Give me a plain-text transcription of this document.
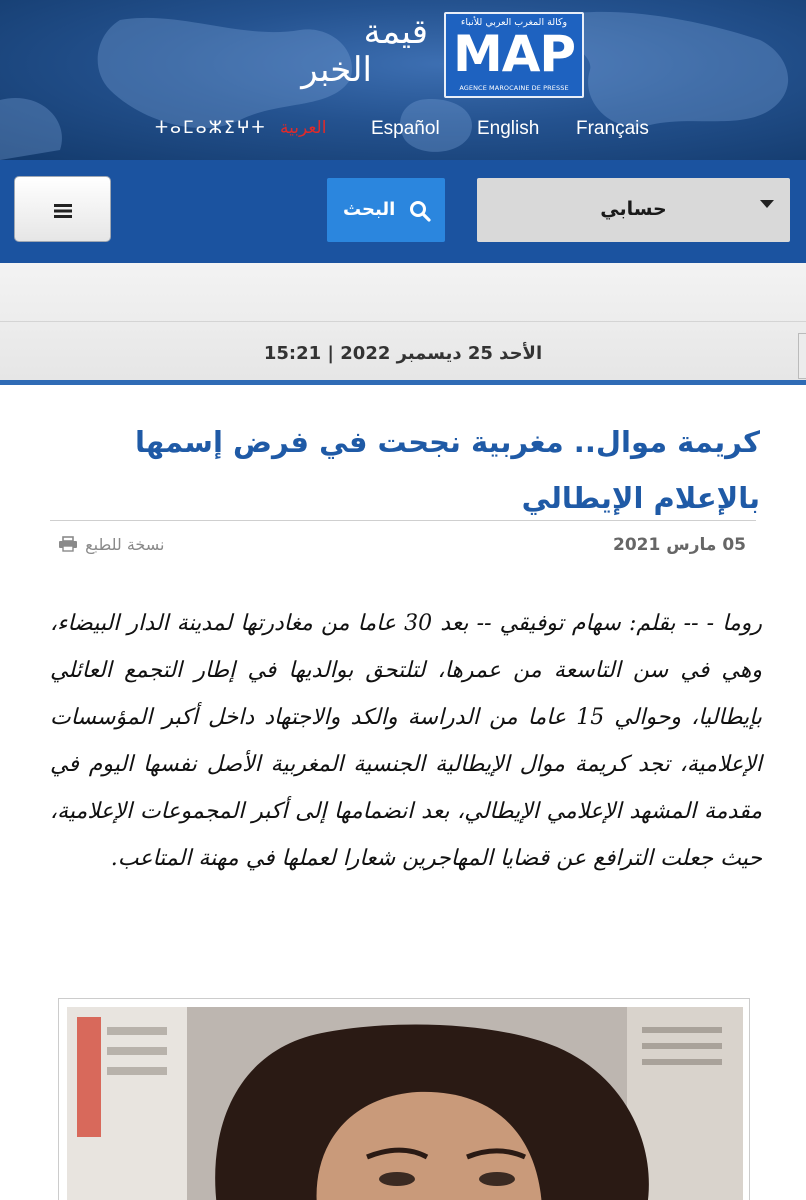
وكالة المغرب العربي للأنباء
MAP
AGENCE MAROCAINE DE PRESSE
قيمة
الخبر
Français
English
Español
العربية
ⵜⴰⵎⴰⵣⵉⵖⵜ
حسابي
البحث
الأحد 25 ديسمبر 2022 | 15:21
كريمة موال.. مغربية نجحت في فرض إسمها بالإعلام الإيطالي
05 مارس 2021
نسخة للطبع

روما - -- بقلم: سهام توفيقي -- بعد 30 عاما من مغادرتها لمدينة الدار البيضاء، وهي في سن التاسعة من عمرها، لتلتحق بوالديها في إطار التجمع العائلي بإيطاليا، وحوالي 15 عاما من الدراسة والكد والاجتهاد داخل أكبر المؤسسات الإعلامية، تجد كريمة موال الإيطالية الجنسية المغربية الأصل نفسها اليوم في مقدمة المشهد الإعلامي الإيطالي، بعد انضمامها إلى أكبر المجموعات الإعلامية، حيث جعلت الترافع عن قضايا المهاجرين شعارا لعملها في مهنة المتاعب.
